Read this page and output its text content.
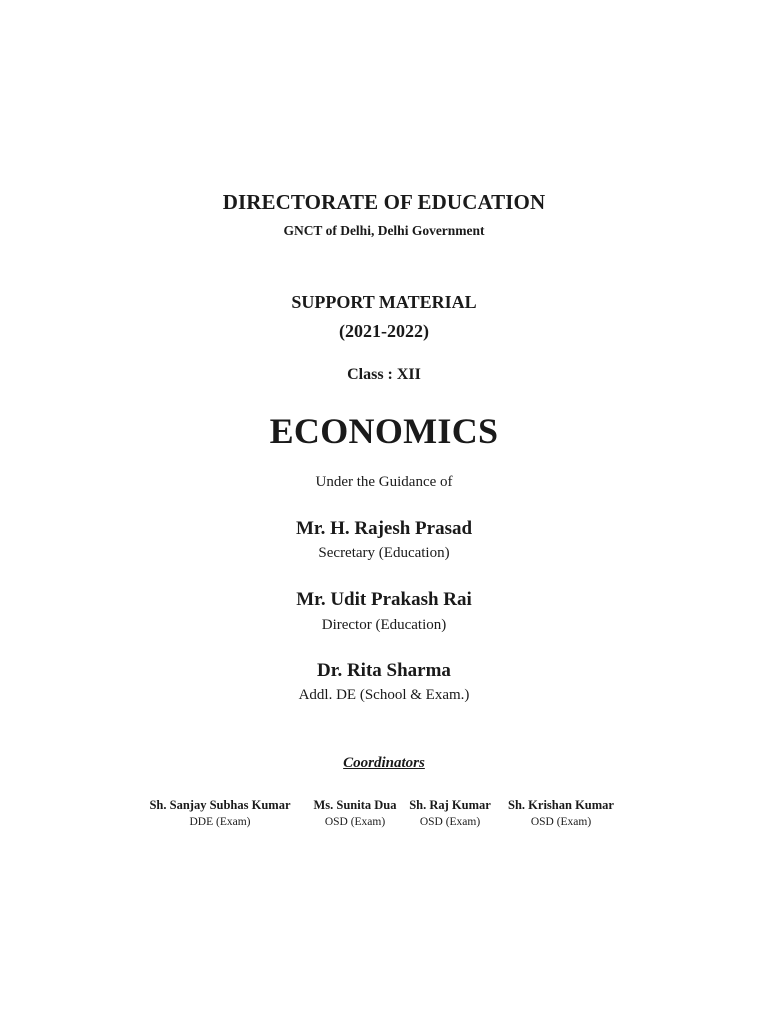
DIRECTORATE OF EDUCATION
GNCT of Delhi, Delhi Government
SUPPORT MATERIAL
(2021-2022)
Class : XII
ECONOMICS
Under the Guidance of
Mr. H. Rajesh Prasad
Secretary (Education)
Mr. Udit Prakash Rai
Director (Education)
Dr. Rita Sharma
Addl. DE (School & Exam.)
Coordinators
Sh. Sanjay Subhas Kumar
DDE (Exam)
Ms. Sunita Dua
OSD (Exam)
Sh. Raj Kumar
OSD (Exam)
Sh. Krishan Kumar
OSD (Exam)
